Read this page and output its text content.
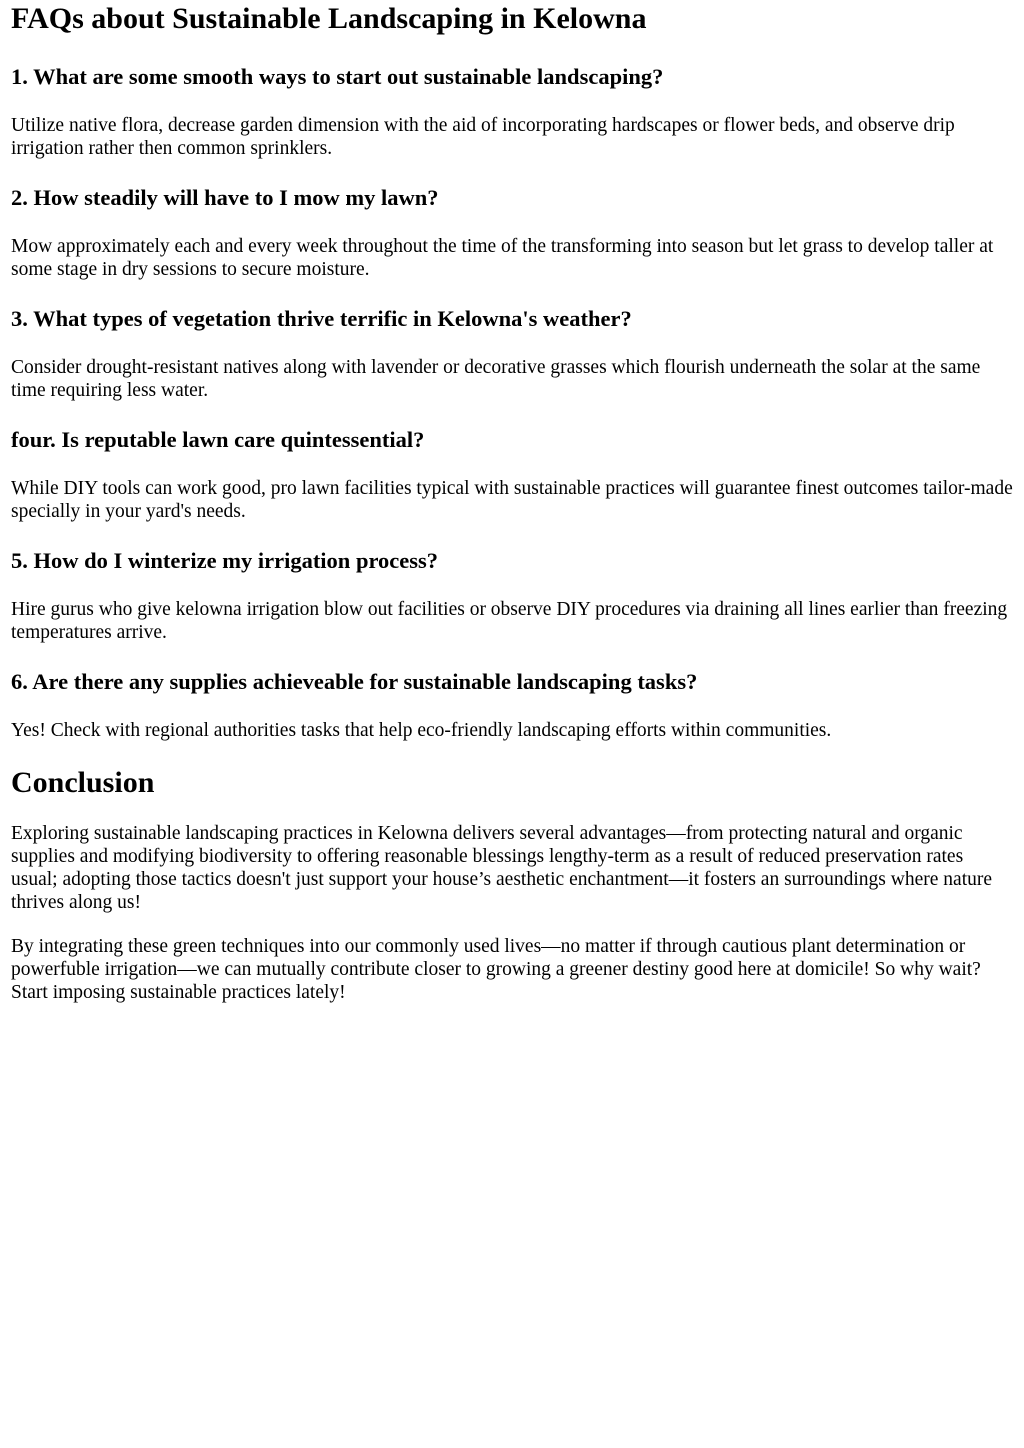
FAQs about Sustainable Landscaping in Kelowna
1. What are some smooth ways to start out sustainable landscaping?

Utilize native flora, decrease garden dimension with the aid of incorporating hardscapes or flower beds, and observe drip irrigation rather then common sprinklers.

2. How steadily will have to I mow my lawn?

Mow approximately each and every week throughout the time of the transforming into season but let grass to develop taller at some stage in dry sessions to secure moisture.

3. What types of vegetation thrive terrific in Kelowna's weather?

Consider drought-resistant natives along with lavender or decorative grasses which flourish underneath the solar at the same time requiring less water.

four. Is reputable lawn care quintessential?

While DIY tools can work good, pro lawn facilities typical with sustainable practices will guarantee finest outcomes tailor-made specially in your yard's needs.

5. How do I winterize my irrigation process?

Hire gurus who give kelowna irrigation blow out facilities or observe DIY procedures via draining all lines earlier than freezing temperatures arrive.

6. Are there any supplies achieveable for sustainable landscaping tasks?

Yes! Check with regional authorities tasks that help eco-friendly landscaping efforts within communities.

Conclusion

Exploring sustainable landscaping practices in Kelowna delivers several advantages—from protecting natural and organic supplies and modifying biodiversity to offering reasonable blessings lengthy-term as a result of reduced preservation rates usual; adopting those tactics doesn't just support your house’s aesthetic enchantment—it fosters an surroundings where nature thrives along us!

By integrating these green techniques into our commonly used lives—no matter if through cautious plant determination or powerfuble irrigation—we can mutually contribute closer to growing a greener destiny good here at domicile! So why wait? Start imposing sustainable practices lately!
